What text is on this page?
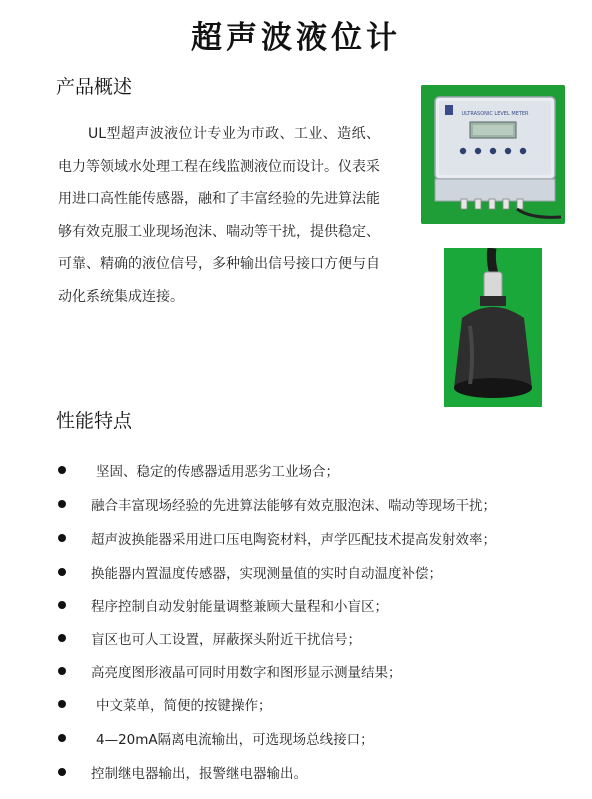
超声波液位计
产品概述
UL型超声波液位计专业为市政、工业、造纸、电力等领域水处理工程在线监测液位而设计。仪表采用进口高性能传感器，融和了丰富经验的先进算法能够有效克服工业现场泡沫、喘动等干扰，提供稳定、可靠、精确的液位信号，多种输出信号接口方便与自动化系统集成连接。
ULTRASONIC LEVEL METER
性能特点
坚固、稳定的传感器适用恶劣工业场合；
融合丰富现场经验的先进算法能够有效克服泡沫、喘动等现场干扰；
超声波换能器采用进口压电陶瓷材料，声学匹配技术提高发射效率；
换能器内置温度传感器，实现测量值的实时自动温度补偿；
程序控制自动发射能量调整兼顾大量程和小盲区；
盲区也可人工设置，屏蔽探头附近干扰信号；
高亮度图形液晶可同时用数字和图形显示测量结果；
中文菜单，简便的按键操作；
4—20mA隔离电流输出，可选现场总线接口；
控制继电器输出，报警继电器输出。
